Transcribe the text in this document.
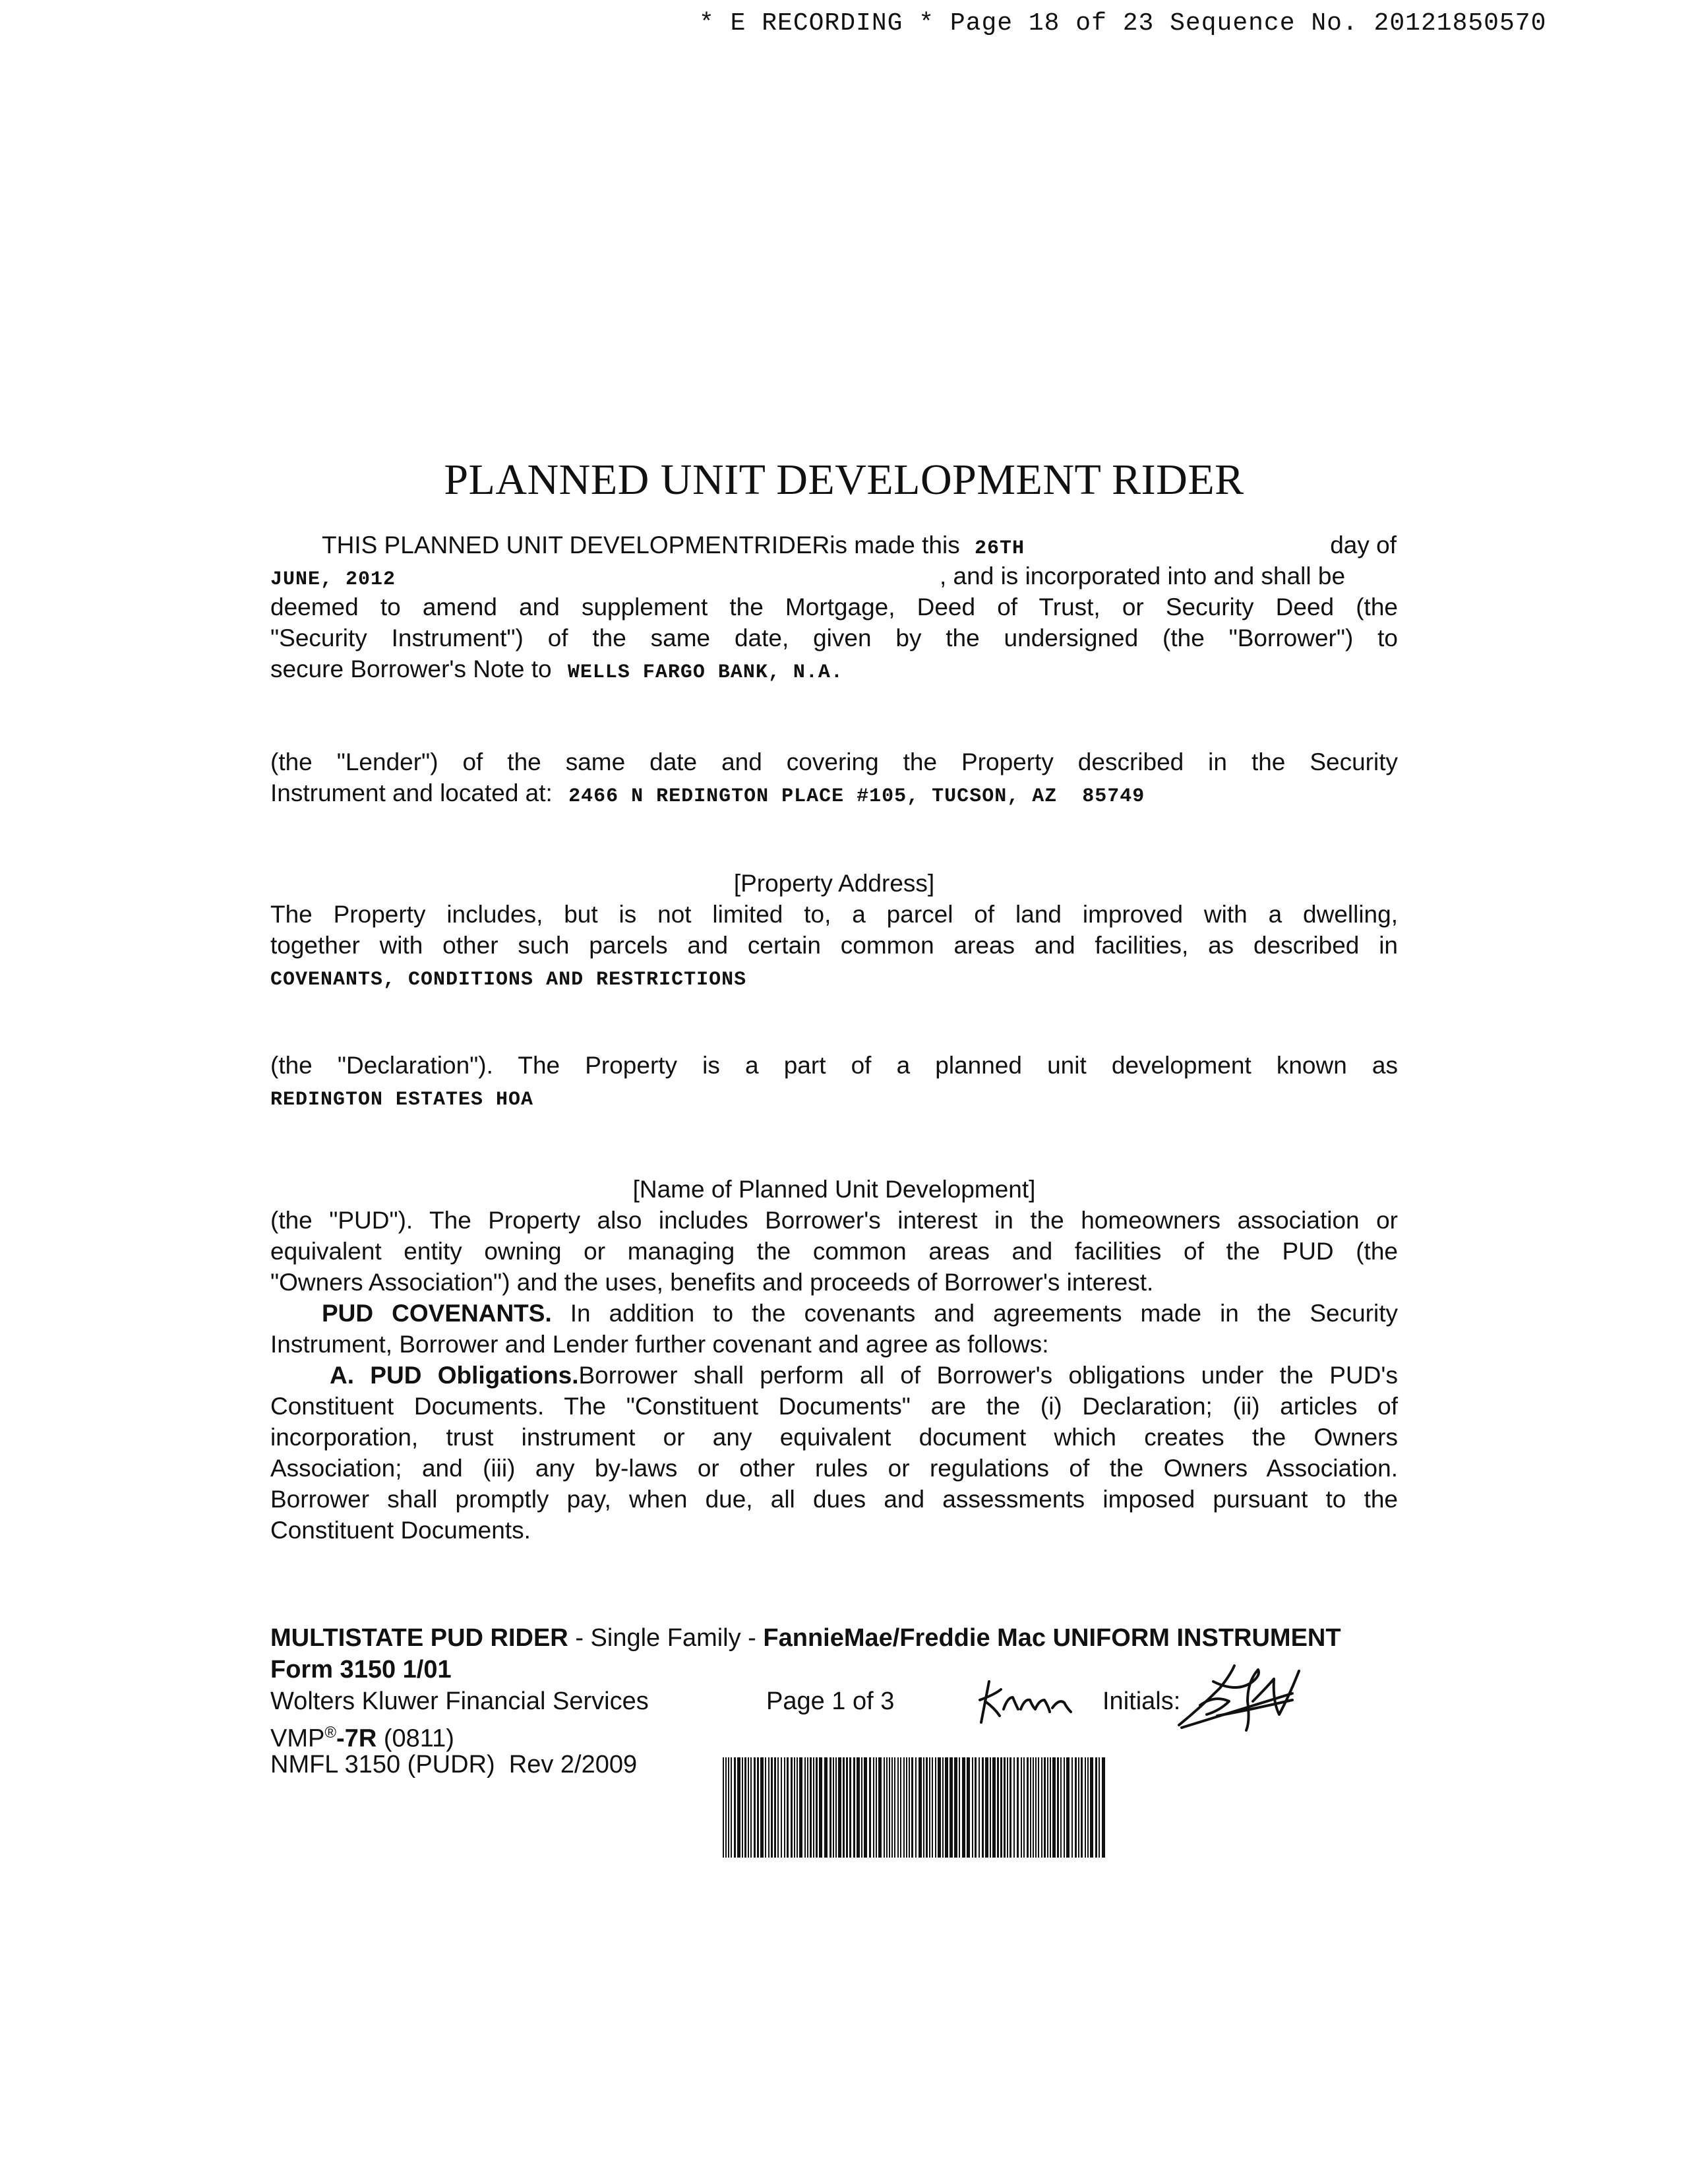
* E RECORDING * Page 18 of 23 Sequence No. 20121850570
PLANNED UNIT DEVELOPMENT RIDER
THIS PLANNED UNIT DEVELOPMENTRIDERis made this 26TH	day of
JUNE, 2012	, and is incorporated into and shall be
deemed to amend and supplement the Mortgage, Deed of Trust, or Security Deed (the
"Security Instrument") of the same date, given by the undersigned (the "Borrower") to
secure Borrower's Note to WELLS FARGO BANK, N.A.
(the "Lender") of the same date and covering the Property described in the Security
Instrument and located at: 2466 N REDINGTON PLACE #105, TUCSON, AZ  85749
[Property Address]
The Property includes, but is not limited to, a parcel of land improved with a dwelling,
together with other such parcels and certain common areas and facilities, as described in
COVENANTS, CONDITIONS AND RESTRICTIONS
(the "Declaration"). The Property is a part of a planned unit development known as
REDINGTON ESTATES HOA
[Name of Planned Unit Development]
(the "PUD"). The Property also includes Borrower's interest in the homeowners association or
equivalent entity owning or managing the common areas and facilities of the PUD (the
"Owners Association") and the uses, benefits and proceeds of Borrower's interest.
PUD COVENANTS. In addition to the covenants and agreements made in the Security
Instrument, Borrower and Lender further covenant and agree as follows:
A. PUD Obligations.Borrower shall perform all of Borrower's obligations under the PUD's
Constituent Documents. The "Constituent Documents" are the (i) Declaration; (ii) articles of
incorporation, trust instrument or any equivalent document which creates the Owners
Association; and (iii) any by-laws or other rules or regulations of the Owners Association.
Borrower shall promptly pay, when due, all dues and assessments imposed pursuant to the
Constituent Documents.
MULTISTATE PUD RIDER - Single Family - FannieMae/Freddie Mac UNIFORM INSTRUMENT
Form 3150 1/01
Wolters Kluwer Financial Services	Page 1 of 3	Initials:
VMP®-7R (0811)
NMFL 3150 (PUDR)  Rev 2/2009
